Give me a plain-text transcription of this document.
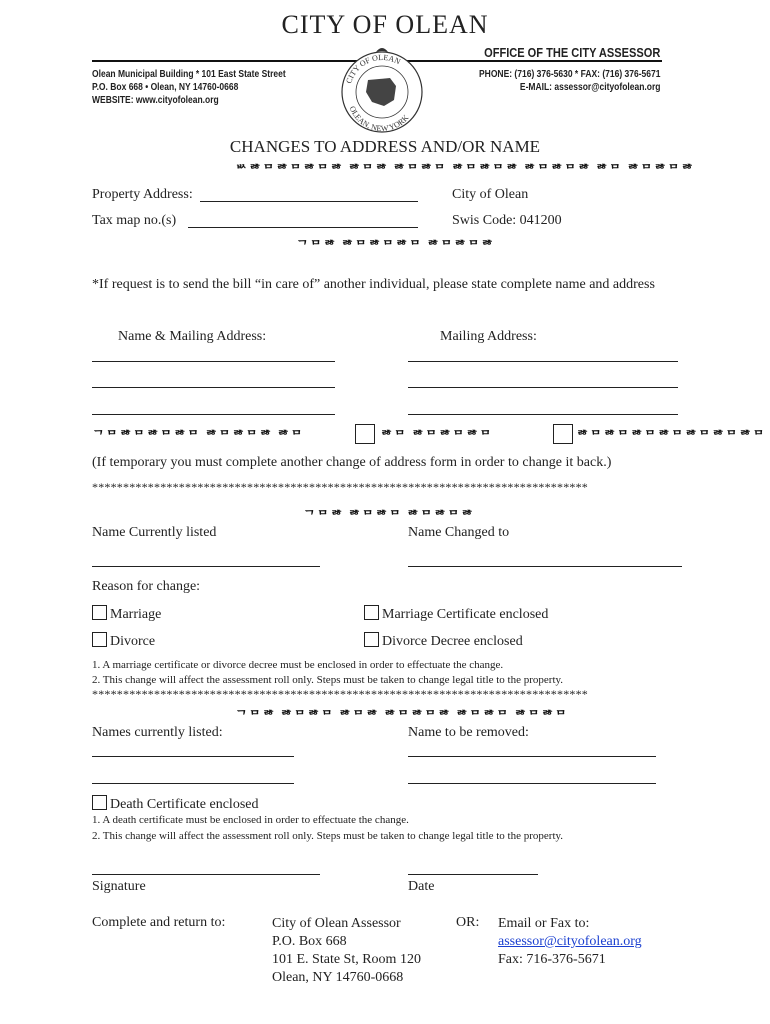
CITY OF OLEAN
OFFICE OF THE CITY ASSESSOR
Olean Municipal Building * 101 East State Street
P.O. Box 668 • Olean, NY 14760-0668
WEBSITE: www.cityofolean.org
PHONE: (716) 376-5630 * FAX: (716) 376-5671
E-MAIL: assessor@cityofolean.org
CITY OF OLEAN
OLEAN, NEW YORK
CHANGES TO ADDRESS AND/OR NAME
ᄡᄚᄆᄚᄆᄚᄆᄚ ᄚᄆᄚ ᄚᄆᄚᄆ ᄚᄆᄚᄆᄚ ᄚᄆᄚᄆᄚ ᄚᄆ ᄚᄆᄚᄆᄚ
Property Address:	City of Olean
Tax map no.(s)	Swis Code: 041200
ᄀᄆᄚ ᄚᄆᄚᄆᄚᄆ ᄚᄆᄚᄆᄚ
*If request is to send the bill “in care of” another individual, please state complete name and address
Name & Mailing Address:	Mailing Address:
ᄀᄆᄚᄆᄚᄆᄚᄆ ᄚᄆᄚᄆᄚ ᄚᄆ	ᄚᄆ ᄚᄆᄚᄆᄚᄆ	ᄚᄆᄚᄆᄚᄆᄚᄆᄚᄆᄚᄆᄚᄆ
(If temporary you must complete another change of address form in order to change it back.)
********************************************************************************
ᄀᄆᄚ ᄚᄆᄚᄆ ᄚᄆᄚᄆᄚ
Name Currently listed	Name Changed to
Reason for change:
Marriage	Marriage Certificate enclosed
Divorce	Divorce Decree enclosed
1. A marriage certificate or divorce decree must be enclosed in order to effectuate the change.
2. This change will affect the assessment roll only. Steps must be taken to change legal title to the property.
********************************************************************************
ᄀᄆᄚ ᄚᄆᄚᄆ ᄚᄆᄚ ᄚᄆᄚᄆᄚ ᄚᄆᄚᄆ ᄚᄆᄚᄆ
Names currently listed:	Name to be removed:
Death Certificate enclosed
1. A death certificate must be enclosed in order to effectuate the change.
2. This change will affect the assessment roll only. Steps must be taken to change legal title to the property.
Signature	Date
Complete and return to:	City of Olean Assessor
P.O. Box 668
101 E. State St, Room 120
Olean, NY 14760-0668
OR: Email or Fax to:
assessor@cityofolean.org
Fax: 716-376-5671
